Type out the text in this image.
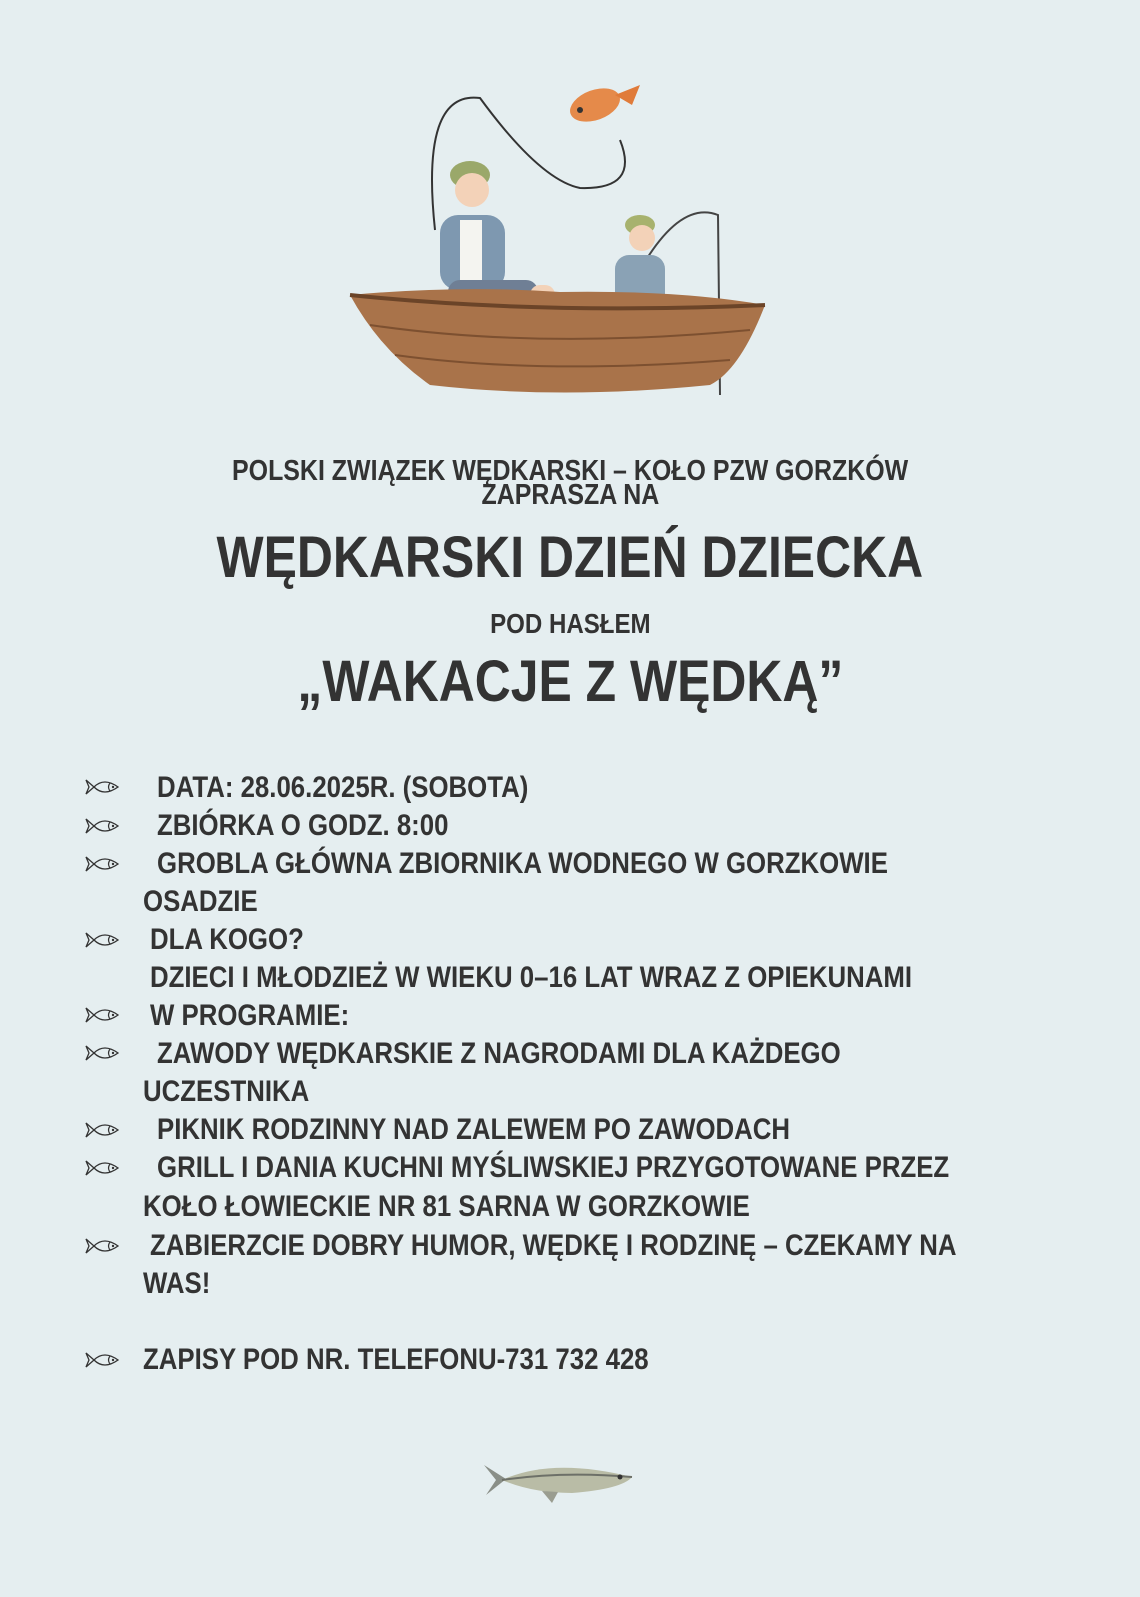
POLSKI ZWIĄZEK WĘDKARSKI – KOŁO PZW GORZKÓW
ZAPRASZA NA
WĘDKARSKI DZIEŃ DZIECKA
POD HASŁEM
„WAKACJE Z WĘDKĄ”
DATA: 28.06.2025R. (SOBOTA)
ZBIÓRKA O GODZ. 8:00
GROBLA GŁÓWNA ZBIORNIKA WODNEGO W GORZKOWIE
OSADZIE
DLA KOGO?
DZIECI I MŁODZIEŻ W WIEKU 0–16 LAT WRAZ Z OPIEKUNAMI
W PROGRAMIE:
ZAWODY WĘDKARSKIE Z NAGRODAMI DLA KAŻDEGO
UCZESTNIKA
PIKNIK RODZINNY NAD ZALEWEM PO ZAWODACH
GRILL I DANIA KUCHNI MYŚLIWSKIEJ PRZYGOTOWANE PRZEZ
KOŁO ŁOWIECKIE NR 81 SARNA W GORZKOWIE
ZABIERZCIE DOBRY HUMOR, WĘDKĘ I RODZINĘ – CZEKAMY NA
WAS!
ZAPISY POD NR. TELEFONU-731 732 428
